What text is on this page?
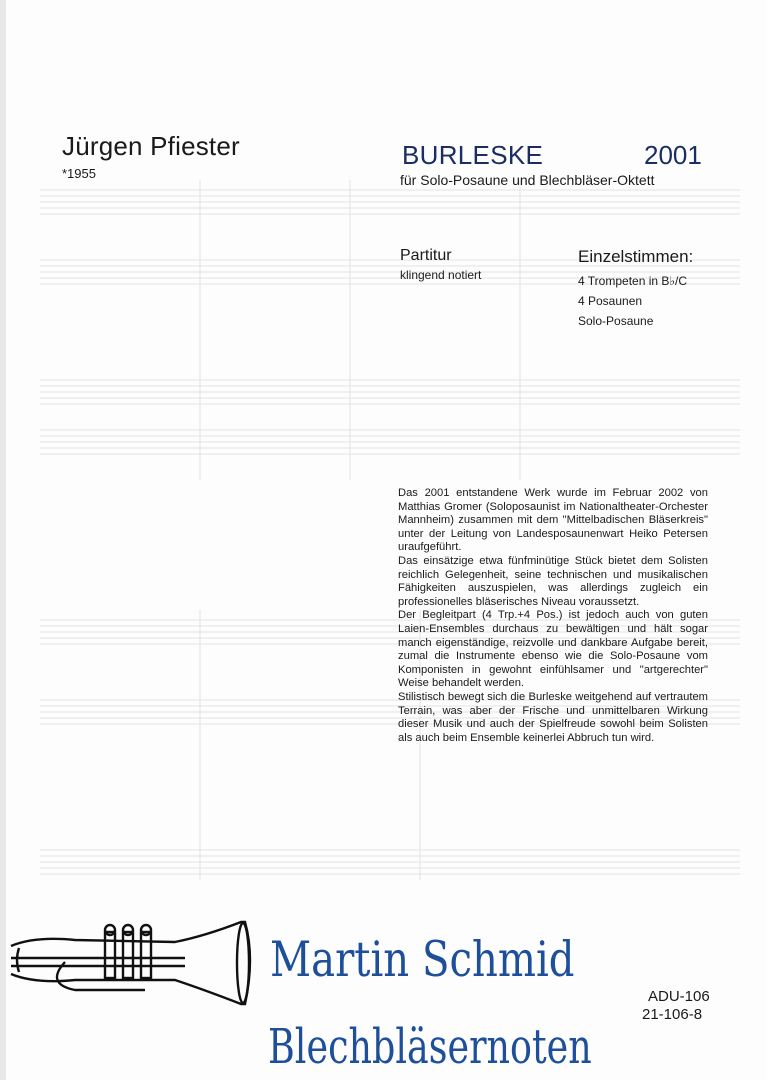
Jürgen Pfiester
*1955
BURLESKE	2001
für Solo-Posaune und Blechbläser-Oktett
Partitur
klingend notiert
Einzelstimmen:
4 Trompeten in B♭/C
4 Posaunen
Solo-Posaune

Das 2001 entstandene Werk wurde im Februar 2002 von Matthias Gromer (Soloposaunist im Nationaltheater-Orchester Mannheim) zusammen mit dem "Mittelbadischen Bläserkreis" unter der Leitung von Landesposaunenwart Heiko Petersen uraufgeführt.

Das einsätzige etwa fünfminütige Stück bietet dem Solisten reichlich Gelegenheit, seine technischen und musikalischen Fähigkeiten auszuspielen, was allerdings zugleich ein professionelles bläserisches Niveau voraussetzt.

Der Begleitpart (4 Trp.+4 Pos.) ist jedoch auch von guten Laien-Ensembles durchaus zu bewältigen und hält sogar manch eigenständige, reizvolle und dankbare Aufgabe bereit, zumal die Instrumente ebenso wie die Solo-Posaune vom Komponisten in gewohnt einfühlsamer und "artgerechter" Weise behandelt werden.

Stilistisch bewegt sich die Burleske weitgehend auf vertrautem Terrain, was aber der Frische und unmittelbaren Wirkung dieser Musik und auch der Spielfreude sowohl beim Solisten als auch beim Ensemble keinerlei Abbruch tun wird.

ADU-106
21-106-8
Martin Schmid
Blechbläsernoten
